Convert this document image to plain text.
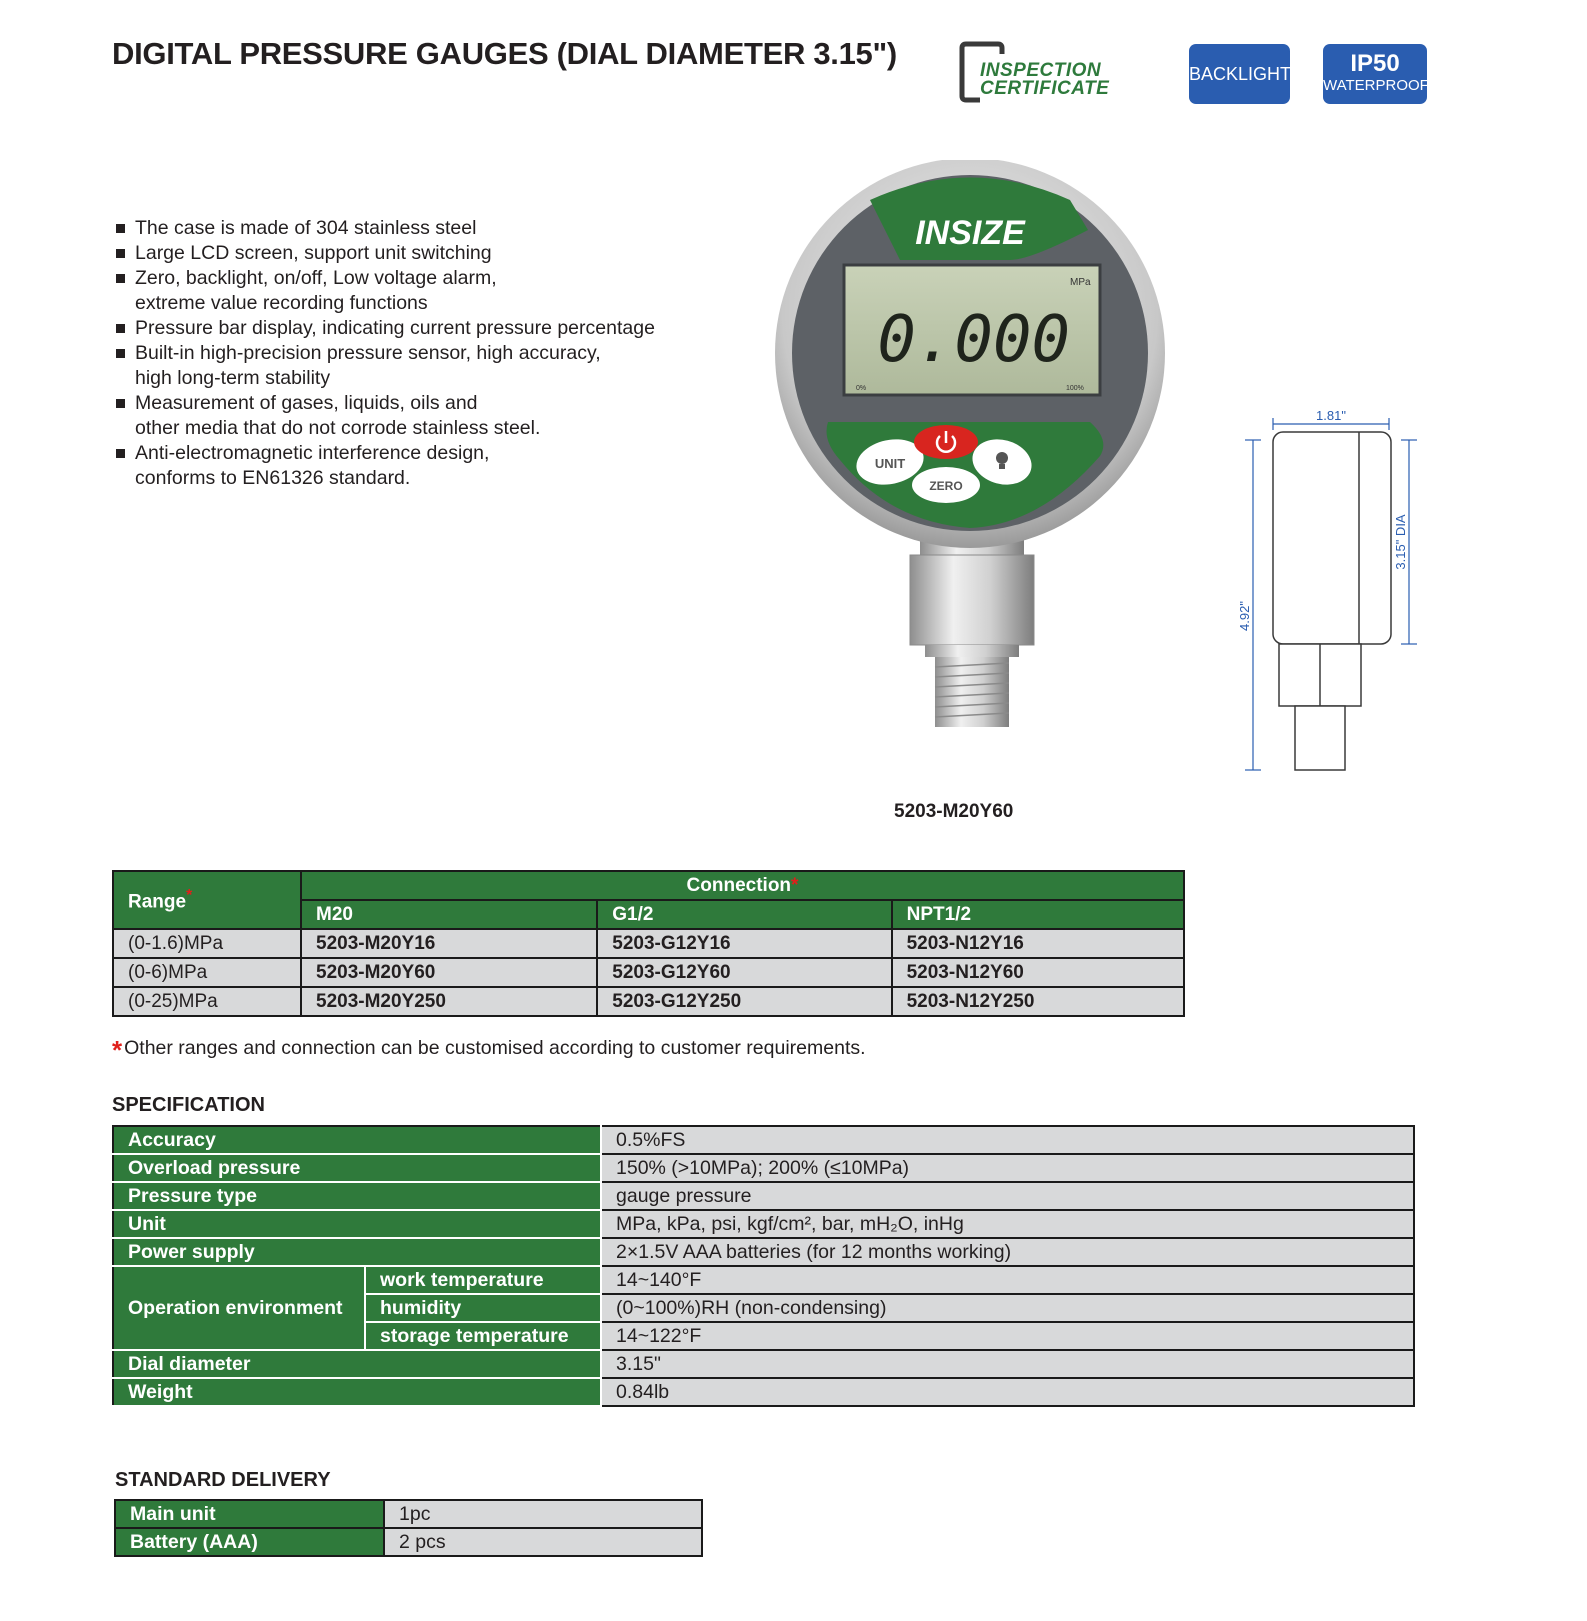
DIGITAL PRESSURE GAUGES (DIAL DIAMETER 3.15")	INSPECTION
CERTIFICATE
BACKLIGHT	IP50
WATERPROOF
The case is made of 304 stainless steel
Large LCD screen, support unit switching
Zero, backlight, on/off, Low voltage alarm,
extreme value recording functions
Pressure bar display, indicating current pressure percentage
Built-in high-precision pressure sensor, high accuracy,
high long-term stability
Measurement of gases, liquids, oils and
other media that do not corrode stainless steel.
Anti-electromagnetic interference design,
conforms to EN61326 standard.
INSIZE
MPa
0.000
0%	100%
UNIT
ZERO
1.81"
4.92"
3.15" DIA
5203-M20Y60
Range*	Connection*		
	M20	G1/2	NPT1/2
(0-1.6)MPa	5203-M20Y16	5203-G12Y16	5203-N12Y16
(0-6)MPa	5203-M20Y60	5203-G12Y60	5203-N12Y60
(0-25)MPa	5203-M20Y250	5203-G12Y250	5203-N12Y250
* Other ranges and connection can be customised according to customer requirements.
SPECIFICATION
Accuracy		0.5%FS
Overload pressure		150% (>10MPa); 200% (≤10MPa)
Pressure type		gauge pressure
Unit		MPa, kPa, psi, kgf/cm², bar, mH₂O, inHg
Power supply		2×1.5V AAA batteries (for 12 months working)
Operation environment	work temperature	14~140°F
	humidity	(0~100%)RH (non-condensing)
	storage temperature	14~122°F
Dial diameter		3.15"
Weight		0.84lb
STANDARD DELIVERY
Main unit	1pc
Battery (AAA)	2 pcs
